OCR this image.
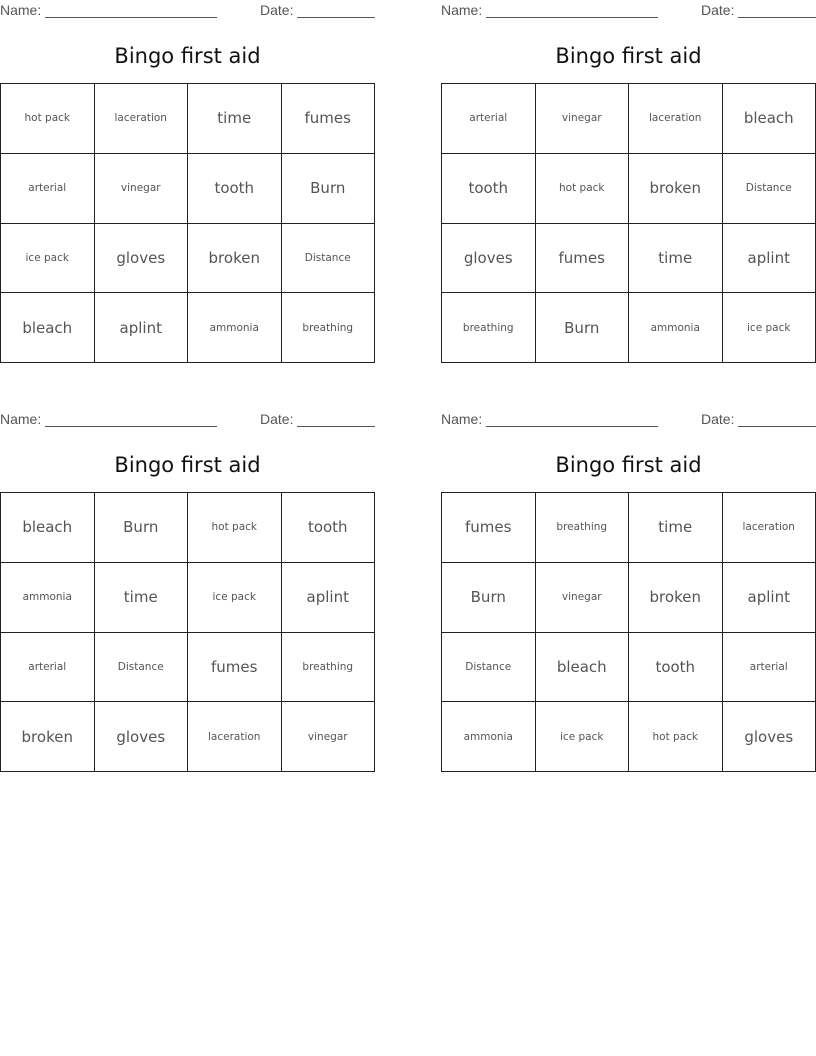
Name:	Date:
Bingo first aid
hot pack	laceration	time	fumes
arterial	vinegar	tooth	Burn
ice pack	gloves	broken	Distance
bleach	aplint	ammonia	breathing
Name:	Date:
Bingo first aid
arterial	vinegar	laceration	bleach
tooth	hot pack	broken	Distance
gloves	fumes	time	aplint
breathing	Burn	ammonia	ice pack
Name:	Date:
Bingo first aid
bleach	Burn	hot pack	tooth
ammonia	time	ice pack	aplint
arterial	Distance	fumes	breathing
broken	gloves	laceration	vinegar
Name:	Date:
Bingo first aid
fumes	breathing	time	laceration
Burn	vinegar	broken	aplint
Distance	bleach	tooth	arterial
ammonia	ice pack	hot pack	gloves
